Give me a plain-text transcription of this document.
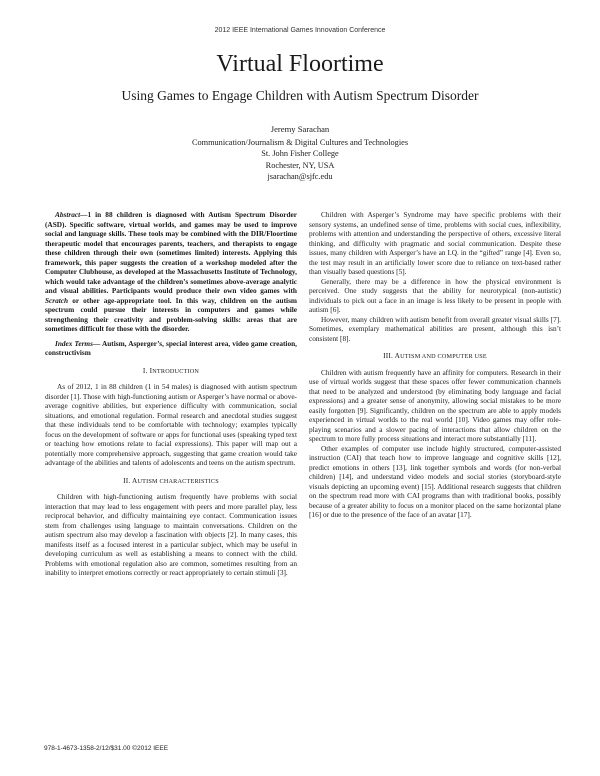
2012 IEEE International Games Innovation Conference
Virtual Floortime
Using Games to Engage Children with Autism Spectrum Disorder
Jeremy Sarachan
Communication/Journalism & Digital Cultures and Technologies
St. John Fisher College
Rochester, NY, USA
jsarachan@sjfc.edu

Abstract—1 in 88 children is diagnosed with Autism Spectrum Disorder (ASD). Specific software, virtual worlds, and games may be used to improve social and language skills. These tools may be combined with the DIR/Floortime therapeutic model that encourages parents, teachers, and therapists to engage these children through their own (sometimes limited) interests. Applying this framework, this paper suggests the creation of a workshop modeled after the Computer Clubhouse, as developed at the Massachusetts Institute of Technology, which would take advantage of the children’s sometimes above-average analytic and visual abilities. Participants would produce their own video games with Scratch or other age-appropriate tool. In this way, children on the autism spectrum could pursue their interests in computers and games while strengthening their creativity and problem-solving skills: areas that are sometimes difficult for those with the disorder.

Index Terms— Autism, Asperger’s, special interest area, video game creation, constructivism

I. INTRODUCTION

As of 2012, 1 in 88 children (1 in 54 males) is diagnosed with autism spectrum disorder [1]. Those with high-functioning autism or Asperger’s have normal or above-average cognitive abilities, but experience difficulty with communication, social situations, and emotional regulation. Formal research and anecdotal studies suggest that these individuals tend to be comfortable with technology; examples typically focus on the development of software or apps for functional uses (speaking typed text or teaching how emotions relate to facial expressions). This paper will map out a potentially more comprehensive approach, suggesting that game creation would take advantage of the abilities and talents of adolescents and teens on the autism spectrum.

II. AUTISM CHARACTERISTICS

Children with high-functioning autism frequently have problems with social interaction that may lead to less engagement with peers and more parallel play, less reciprocal behavior, and difficulty maintaining eye contact. Communication issues stem from challenges using language to maintain conversations. Children on the autism spectrum also may develop a fascination with objects [2]. In many cases, this manifests itself as a focused interest in a particular subject, which may be useful in developing curriculum as well as establishing a means to connect with the child. Problems with emotional regulation also are common, sometimes resulting from an inability to interpret emotions correctly or react appropriately to certain stimuli [3].

Children with Asperger’s Syndrome may have specific problems with their sensory systems, an undefined sense of time, problems with social cues, inflexibility, problems with attention and understanding the perspective of others, excessive literal thinking, and difficulty with pragmatic and social communication. Despite these issues, many children with Asperger’s have an I.Q. in the “gifted” range [4]. Even so, the test may result in an artificially lower score due to reliance on text-based rather than visually based questions [5].

Generally, there may be a difference in how the physical environment is perceived. One study suggests that the ability for neurotypical (non-autistic) individuals to pick out a face in an image is less likely to be present in people with autism [6].

However, many children with autism benefit from overall greater visual skills [7]. Sometimes, exemplary mathematical abilities are present, although this isn’t consistent [8].

III. AUTISM AND COMPUTER USE

Children with autism frequently have an affinity for computers. Research in their use of virtual worlds suggest that these spaces offer fewer communication channels that need to be analyzed and understood (by eliminating body language and facial expressions) and a greater sense of anonymity, allowing social mistakes to be more easily forgotten [9]. Significantly, children on the spectrum are able to apply models experienced in virtual worlds to the real world [10]. Video games may offer role-playing scenarios and a slower pacing of interactions that allow children on the spectrum to more fully process situations and interact more substantially [11].

Other examples of computer use include highly structured, computer-assisted instruction (CAI) that teach how to improve language and cognitive skills [12], predict emotions in others [13], link together symbols and words (for non-verbal children) [14], and understand video models and social stories (storyboard-style visuals depicting an upcoming event) [15]. Additional research suggests that children on the spectrum read more with CAI programs than with traditional books, possibly because of a greater ability to focus on a monitor placed on the same horizontal plane [16] or due to the presence of the face of an avatar [17].

978-1-4673-1358-2/12/$31.00 ©2012 IEEE
